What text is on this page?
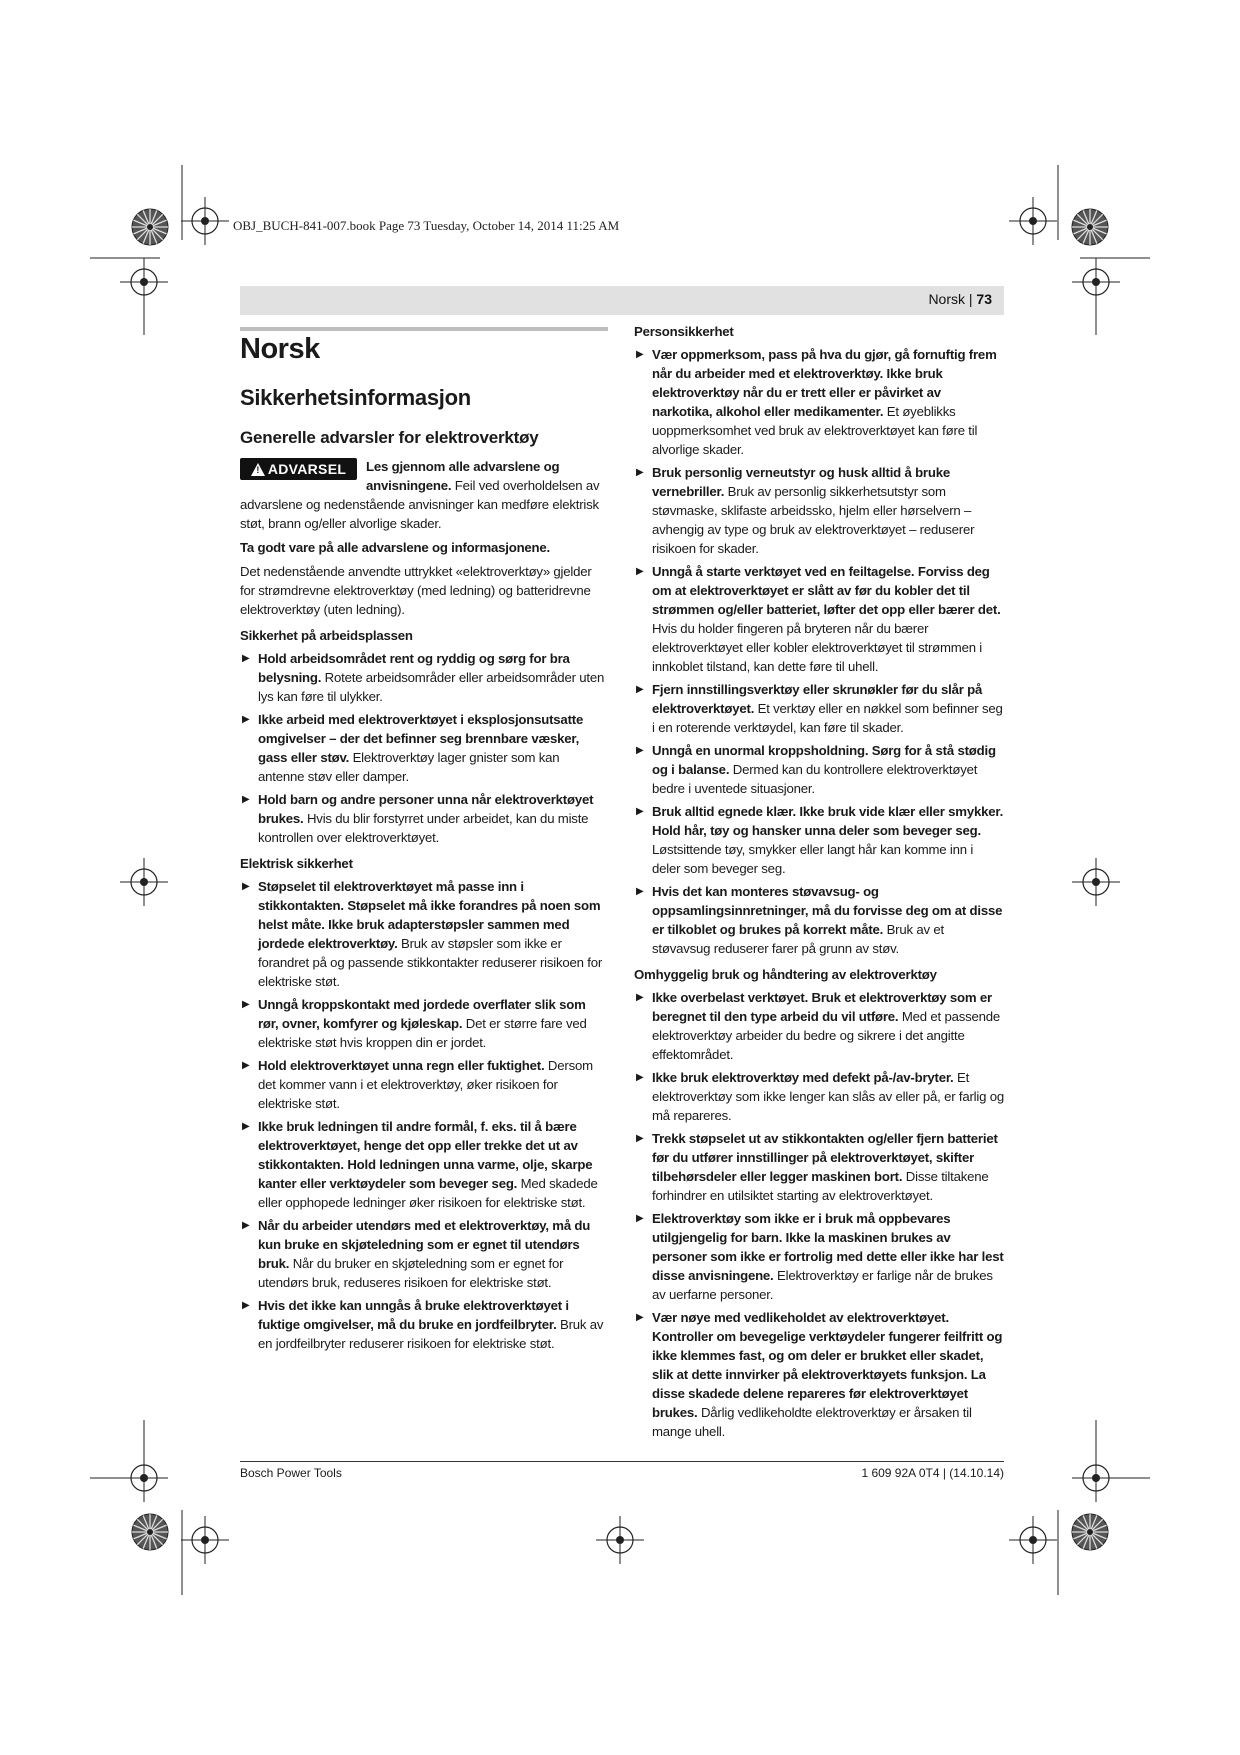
OBJ_BUCH-841-007.book Page 73 Tuesday, October 14, 2014 11:25 AM
Norsk | 73
Norsk
Sikkerhetsinformasjon
Generelle advarsler for elektroverktøy
! ADVARSEL	Les gjennom alle advarslene og anvisningene. Feil ved overholdelsen av advarslene og nedenstående anvisninger kan medføre elektrisk støt, brann og/eller alvorlige skader.

Ta godt vare på alle advarslene og informasjonene.

Det nedenstående anvendte uttrykket «elektroverktøy» gjelder for strømdrevne elektroverktøy (med ledning) og batteridrevne elektroverktøy (uten ledning).

Sikkerhet på arbeidsplassen
▶ Hold arbeidsområdet rent og ryddig og sørg for bra belysning. Rotete arbeidsområder eller arbeidsområder uten lys kan føre til ulykker.
▶ Ikke arbeid med elektroverktøyet i eksplosjonsutsatte omgivelser – der det befinner seg brennbare væsker, gass eller støv. Elektroverktøy lager gnister som kan antenne støv eller damper.
▶ Hold barn og andre personer unna når elektroverktøyet brukes. Hvis du blir forstyrret under arbeidet, kan du miste kontrollen over elektroverktøyet.
Elektrisk sikkerhet
▶ Støpselet til elektroverktøyet må passe inn i stikkontakten. Støpselet må ikke forandres på noen som helst måte. Ikke bruk adapterstøpsler sammen med jordede elektroverktøy. Bruk av støpsler som ikke er forandret på og passende stikkontakter reduserer risikoen for elektriske støt.
▶ Unngå kroppskontakt med jordede overflater slik som rør, ovner, komfyrer og kjøleskap. Det er større fare ved elektriske støt hvis kroppen din er jordet.
▶ Hold elektroverktøyet unna regn eller fuktighet. Dersom det kommer vann i et elektroverktøy, øker risikoen for elektriske støt.
▶ Ikke bruk ledningen til andre formål, f. eks. til å bære elektroverktøyet, henge det opp eller trekke det ut av stikkontakten. Hold ledningen unna varme, olje, skarpe kanter eller verktøydeler som beveger seg. Med skadede eller opphopede ledninger øker risikoen for elektriske støt.
▶ Når du arbeider utendørs med et elektroverktøy, må du kun bruke en skjøteledning som er egnet til utendørs bruk. Når du bruker en skjøteledning som er egnet for utendørs bruk, reduseres risikoen for elektriske støt.
▶ Hvis det ikke kan unngås å bruke elektroverktøyet i fuktige omgivelser, må du bruke en jordfeilbryter. Bruk av en jordfeilbryter reduserer risikoen for elektriske støt.
Personsikkerhet
▶ Vær oppmerksom, pass på hva du gjør, gå fornuftig frem når du arbeider med et elektroverktøy. Ikke bruk elektroverktøy når du er trett eller er påvirket av narkotika, alkohol eller medikamenter. Et øyeblikks uoppmerksomhet ved bruk av elektroverktøyet kan føre til alvorlige skader.
▶ Bruk personlig verneutstyr og husk alltid å bruke vernebriller. Bruk av personlig sikkerhetsutstyr som støvmaske, sklifaste arbeidssko, hjelm eller hørselvern – avhengig av type og bruk av elektroverktøyet – reduserer risikoen for skader.
▶ Unngå å starte verktøyet ved en feiltagelse. Forviss deg om at elektroverktøyet er slått av før du kobler det til strømmen og/eller batteriet, løfter det opp eller bærer det. Hvis du holder fingeren på bryteren når du bærer elektroverktøyet eller kobler elektroverktøyet til strømmen i innkoblet tilstand, kan dette føre til uhell.
▶ Fjern innstillingsverktøy eller skrunøkler før du slår på elektroverktøyet. Et verktøy eller en nøkkel som befinner seg i en roterende verktøydel, kan føre til skader.
▶ Unngå en unormal kroppsholdning. Sørg for å stå stødig og i balanse. Dermed kan du kontrollere elektroverktøyet bedre i uventede situasjoner.
▶ Bruk alltid egnede klær. Ikke bruk vide klær eller smykker. Hold hår, tøy og hansker unna deler som beveger seg. Løstsittende tøy, smykker eller langt hår kan komme inn i deler som beveger seg.
▶ Hvis det kan monteres støvavsug- og oppsamlingsinnretninger, må du forvisse deg om at disse er tilkoblet og brukes på korrekt måte. Bruk av et støvavsug reduserer farer på grunn av støv.
Omhyggelig bruk og håndtering av elektroverktøy
▶ Ikke overbelast verktøyet. Bruk et elektroverktøy som er beregnet til den type arbeid du vil utføre. Med et passende elektroverktøy arbeider du bedre og sikrere i det angitte effektområdet.
▶ Ikke bruk elektroverktøy med defekt på-/av-bryter. Et elektroverktøy som ikke lenger kan slås av eller på, er farlig og må repareres.
▶ Trekk støpselet ut av stikkontakten og/eller fjern batteriet før du utfører innstillinger på elektroverktøyet, skifter tilbehørsdeler eller legger maskinen bort. Disse tiltakene forhindrer en utilsiktet starting av elektroverktøyet.
▶ Elektroverktøy som ikke er i bruk må oppbevares utilgjengelig for barn. Ikke la maskinen brukes av personer som ikke er fortrolig med dette eller ikke har lest disse anvisningene. Elektroverktøy er farlige når de brukes av uerfarne personer.
▶ Vær nøye med vedlikeholdet av elektroverktøyet. Kontroller om bevegelige verktøydeler fungerer feilfritt og ikke klemmes fast, og om deler er brukket eller skadet, slik at dette innvirker på elektroverktøyets funksjon. La disse skadede delene repareres før elektroverktøyet brukes. Dårlig vedlikeholdte elektroverktøy er årsaken til mange uhell.
Bosch Power Tools	1 609 92A 0T4 | (14.10.14)
